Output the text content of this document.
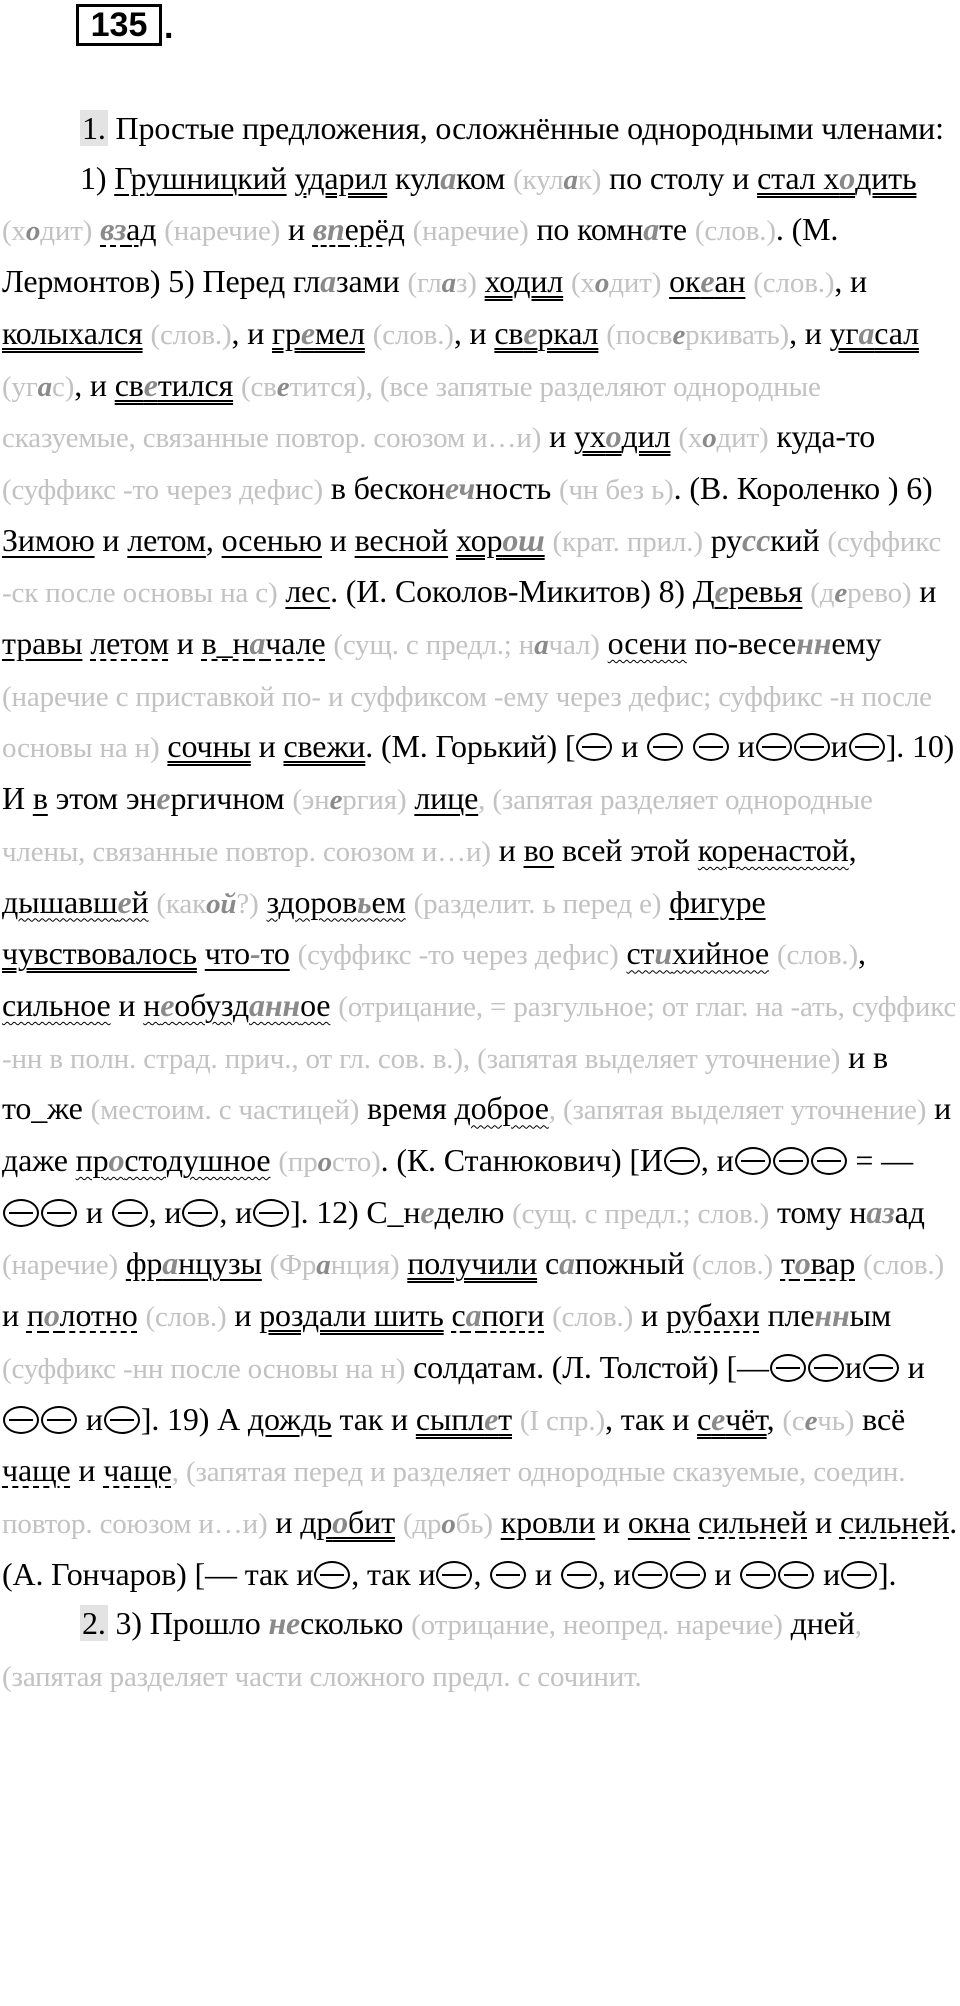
135 .

1. Простые предложения, осложнённые однородными членами:

1) Грушницкий ударил кулаком (кулак) по столу и стал ходить (ходит) взад (наречие) и вперёд (наречие) по комнате (слов.). (М. Лермонтов) 5) Перед глазами (глаз) ходил (ходит) океан (слов.), и колыхался (слов.), и гремел (слов.), и сверкал (посверкивать), и угасал (угас), и светился (светится), (все запятые разделяют однородные сказуемые, связанные повтор. союзом и…и) и уходил (ходит) куда-то (суффикс -то через дефис) в бесконечность (чн без ь). (В. Короленко ) 6) Зимою и летом, осенью и весной хорош (крат. прил.) русский (суффикс -ск после основы на с) лес. (И. Соколов-Микитов) 8) Деревья (дерево) и травы летом и в_начале (сущ. с предл.; начал) осени по-весеннему (наречие с приставкой по- и суффиксом -ему через дефис; суффикс -н после основы на н) сочны и свежи. (М. Горький) [ и	и и ]. 10) И в этом энергичном (энергия) лице, (запятая разделяет однородные члены, связанные повтор. союзом и…и) и во всей этой коренастой, дышавшей (какой?) здоровьем (разделит. ь перед е) фигуре чувствовалось что-то (суффикс -то через дефис) стихийное (слов.), сильное и необузданное (отрицание, = разгульное; от глаг. на -ать, суффикс -нн в полн. страд. прич., от гл. сов. в.), (запятая выделяет уточнение) и в то_же (местоим. с частицей) время доброе, (запятая выделяет уточнение) и даже простодушное (просто). (К. Станюкович) [И , и	= —  и , и , и ]. 12) С_неделю (сущ. с предл.; слов.) тому назад (наречие) французы (Франция) получили сапожный (слов.) товар (слов.) и полотно (слов.) и роздали шить сапоги (слов.) и рубахи пленным (суффикс -нн после основы на н) солдатам. (Л. Толстой) [— и и и ]. 19) А дождь так и сыплет (I спр.), так и сечёт, (сечь) всё чаще и чаще, (запятая перед и разделяет однородные сказуемые, соедин. повтор. союзом и…и) и дробит (дробь) кровли и окна сильней и сильней. (А. Гончаров) [— так и , так и ,  и , и и  и ].

2. 3) Прошло несколько (отрицание, неопред. наречие) дней, (запятая разделяет части сложного предл. с сочинит.
